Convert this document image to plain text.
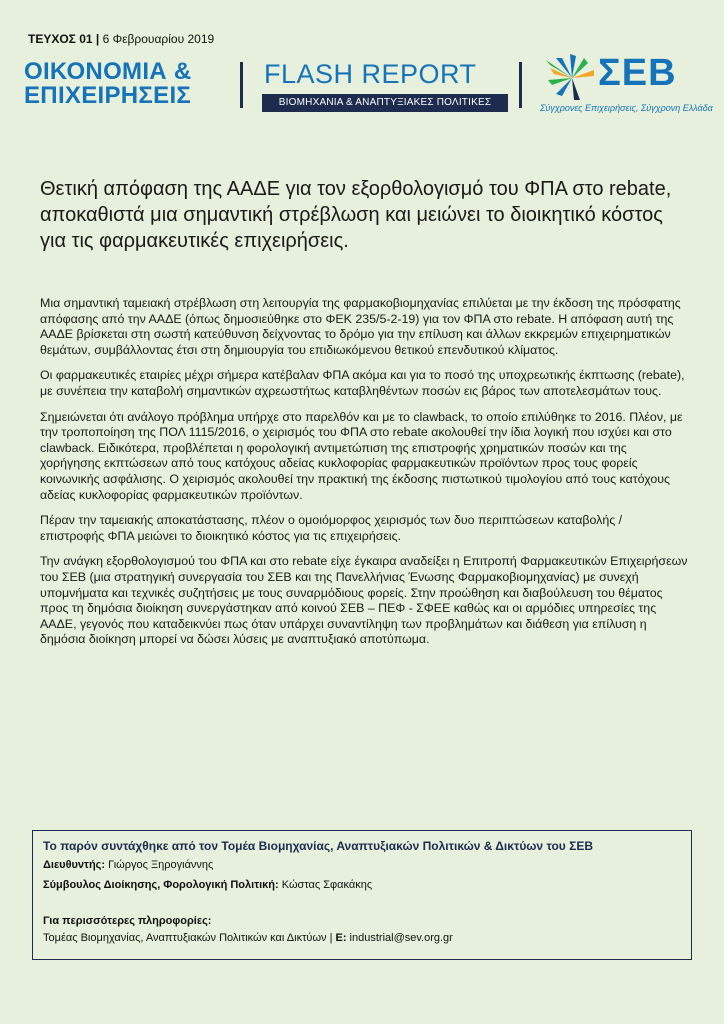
ΤΕΥΧΟΣ 01 | 6 Φεβρουαρίου 2019
ΟΙΚΟΝΟΜΙΑ &
ΕΠΙΧΕΙΡΗΣΕΙΣ
FLASH REPORT
ΒΙΟΜΗΧΑΝΙΑ & ΑΝΑΠΤΥΞΙΑΚΕΣ ΠΟΛΙΤΙΚΕΣ
ΣΕΒ
Σύγχρονες Επιχειρήσεις, Σύγχρονη Ελλάδα
Θετική απόφαση της ΑΑΔΕ για τον εξορθολογισμό του ΦΠΑ στο rebate, αποκαθιστά μια σημαντική στρέβλωση και μειώνει το διοικητικό κόστος για τις φαρμακευτικές επιχειρήσεις.

Μια σημαντική ταμειακή στρέβλωση στη λειτουργία της φαρμακοβιομηχανίας επιλύεται με την έκδοση της πρόσφατης απόφασης από την ΑΑΔΕ (όπως δημοσιεύθηκε στο ΦΕΚ 235/5-2-19) για τον ΦΠΑ στο rebate. Η απόφαση αυτή της ΑΑΔΕ βρίσκεται στη σωστή κατεύθυνση δείχνοντας το δρόμο για την επίλυση και άλλων εκκρεμών επιχειρηματικών θεμάτων, συμβάλλοντας έτσι στη δημιουργία του επιδιωκόμενου θετικού επενδυτικού κλίματος.

Οι φαρμακευτικές εταιρίες μέχρι σήμερα κατέβαλαν ΦΠΑ ακόμα και για το ποσό της υποχρεωτικής έκπτωσης (rebate), με συνέπεια την καταβολή σημαντικών αχρεωστήτως καταβληθέντων ποσών εις βάρος των αποτελεσμάτων τους.

Σημειώνεται ότι ανάλογο πρόβλημα υπήρχε στο παρελθόν και με το clawback, το οποίο επιλύθηκε το 2016. Πλέον, με την τροποποίηση της ΠΟΛ 1115/2016, ο χειρισμός του ΦΠΑ στο rebate ακολουθεί την ίδια λογική που ισχύει και στο clawback. Ειδικότερα, προβλέπεται η φορολογική αντιμετώπιση της επιστροφής χρηματικών ποσών και της χορήγησης εκπτώσεων από τους κατόχους αδείας κυκλοφορίας φαρμακευτικών προϊόντων προς τους φορείς κοινωνικής ασφάλισης. Ο χειρισμός ακολουθεί την πρακτική της έκδοσης πιστωτικού τιμολογίου από τους κατόχους αδείας κυκλοφορίας φαρμακευτικών προϊόντων.

Πέραν την ταμειακής αποκατάστασης, πλέον ο ομοιόμορφος χειρισμός των δυο περιπτώσεων καταβολής / επιστροφής ΦΠΑ μειώνει το διοικητικό κόστος για τις επιχειρήσεις.

Την ανάγκη εξορθολογισμού του ΦΠΑ και στο rebate είχε έγκαιρα αναδείξει η Επιτροπή Φαρμακευτικών Επιχειρήσεων του ΣΕΒ (μια στρατηγική συνεργασία του ΣΕΒ και της Πανελλήνιας Ένωσης Φαρμακοβιομηχανίας) με συνεχή υπομνήματα και τεχνικές συζητήσεις με τους συναρμόδιους φορείς. Στην προώθηση και διαβούλευση του θέματος προς τη δημόσια διοίκηση συνεργάστηκαν από κοινού ΣΕΒ – ΠΕΦ - ΣΦΕΕ καθώς και οι αρμόδιες υπηρεσίες της ΑΑΔΕ, γεγονός που καταδεικνύει πως όταν υπάρχει συναντίληψη των προβλημάτων και διάθεση για επίλυση η δημόσια διοίκηση μπορεί να δώσει λύσεις με αναπτυξιακό αποτύπωμα.

Το παρόν συντάχθηκε από τον Τομέα Βιομηχανίας, Αναπτυξιακών Πολιτικών & Δικτύων του ΣΕΒ
Διευθυντής: Γιώργος Ξηρογιάννης
Σύμβουλος Διοίκησης, Φορολογική Πολιτική: Κώστας Σφακάκης
Για περισσότερες πληροφορίες:
Τομέας Βιομηχανίας, Αναπτυξιακών Πολιτικών και Δικτύων | E: industrial@sev.org.gr
